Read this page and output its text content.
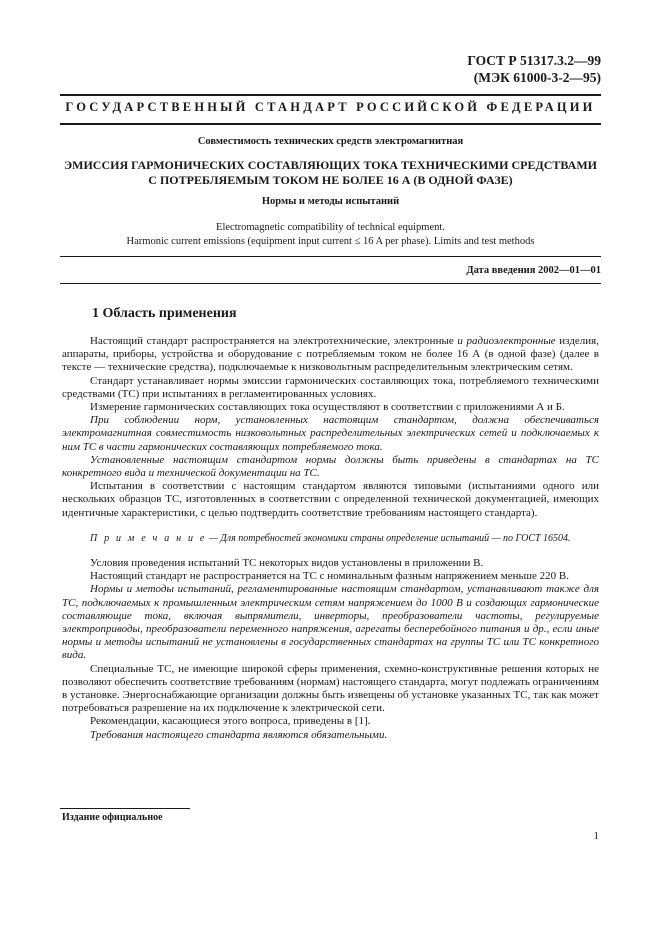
ГОСТ Р 51317.3.2—99
(МЭК 61000-3-2—95)
ГОСУДАРСТВЕННЫЙ СТАНДАРТ РОССИЙСКОЙ ФЕДЕРАЦИИ
Совместимость технических средств электромагнитная
ЭМИССИЯ ГАРМОНИЧЕСКИХ СОСТАВЛЯЮЩИХ ТОКА ТЕХНИЧЕСКИМИ СРЕДСТВАМИ
С ПОТРЕБЛЯЕМЫМ ТОКОМ НЕ БОЛЕЕ 16 А (В ОДНОЙ ФАЗЕ)
Нормы и методы испытаний
Electromagnetic compatibility of technical equipment.
Harmonic current emissions (equipment input current ≤ 16 A per phase). Limits and test methods
Дата введения 2002—01—01
1 Область применения

Настоящий стандарт распространяется на электротехнические, электронные и радиоэлектронные изделия, аппараты, приборы, устройства и оборудование с потребляемым током не более 16 А (в одной фазе) (далее в тексте — технические средства), подключаемые к низковольтным распределительным электрическим сетям.

Стандарт устанавливает нормы эмиссии гармонических составляющих тока, потребляемого техническими средствами (ТС) при испытаниях в регламентированных условиях.

Измерение гармонических составляющих тока осуществляют в соответствии с приложениями А и Б.

При соблюдении норм, установленных настоящим стандартом, должна обеспечиваться электромагнитная совместимость низковольтных распределительных электрических сетей и подключаемых к ним ТС в части гармонических составляющих потребляемого тока.

Установленные настоящим стандартом нормы должны быть приведены в стандартах на ТС конкретного вида и технической документации на ТС.

Испытания в соответствии с настоящим стандартом являются типовыми (испытаниями одного или нескольких образцов ТС, изготовленных в соответствии с определенной технической документацией, имеющих идентичные характеристики, с целью подтвердить соответствие требованиям настоящего стандарта).

П р и м е ч а н и е — Для потребностей экономики страны определение испытаний — по ГОСТ 16504.

Условия проведения испытаний ТС некоторых видов установлены в приложении В.

Настоящий стандарт не распространяется на ТС с номинальным фазным напряжением меньше 220 В.

Нормы и методы испытаний, регламентированные настоящим стандартом, устанавливают также для ТС, подключаемых к промышленным электрическим сетям напряжением до 1000 В и создающих гармонические составляющие тока, включая выпрямители, инверторы, преобразователи частоты, регулируемые электроприводы, преобразователи переменного напряжения, агрегаты бесперебойного питания и др., если иные нормы и методы испытаний не установлены в государственных стандартах на группы ТС или ТС конкретного вида.

Специальные ТС, не имеющие широкой сферы применения, схемно-конструктивные решения которых не позволяют обеспечить соответствие требованиям (нормам) настоящего стандарта, могут подлежать ограничениям в установке. Энергоснабжающие организации должны быть извещены об установке указанных ТС, так как может потребоваться разрешение на их подключение к электрической сети.

Рекомендации, касающиеся этого вопроса, приведены в [1].

Требования настоящего стандарта являются обязательными.

Издание официальное
1
